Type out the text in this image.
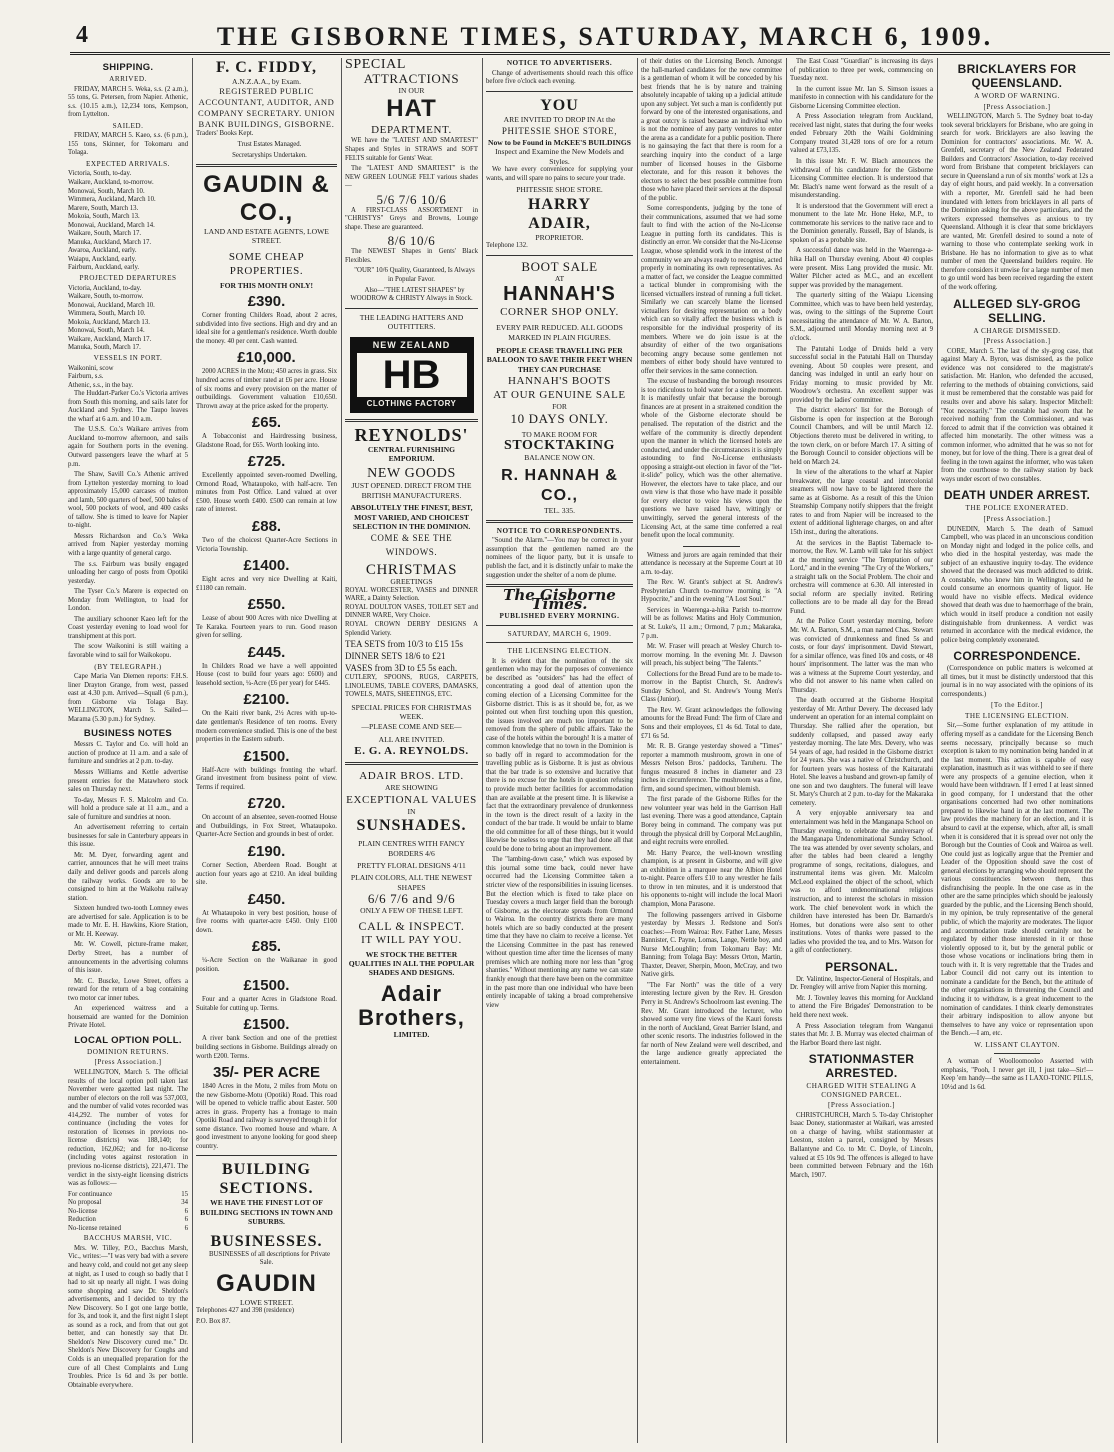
4	THE GISBORNE TIMES, SATURDAY, MARCH 6, 1909.
SHIPPING.
ARRIVED.

FRIDAY, MARCH 5. Weka, s.s. (2 a.m.), 55 tons, G. Petersen, from Napier. Athenic, s.s. (10.15 a.m.), 12,234 tons, Kempson, from Lyttelton.

SAILED.

FRIDAY, MARCH 5. Kaeo, s.s. (6 p.m.), 155 tons, Skinner, for Tokomaru and Tolaga.

EXPECTED ARRIVALS.
Victoria, South, to-day.
Waikare, Auckland, to-morrow.
Monowai, South, March 10.
Wimmera, Auckland, March 10.
Marere, South, March 13.
Mokoia, South, March 13.
Monowai, Auckland, March 14.
Waikare, South, March 17.
Manuka, Auckland, March 17.
Awaroa, Auckland, early.
Waiapu, Auckland, early.
Fairburn, Auckland, early.
PROJECTED DEPARTURES
Victoria, Auckland, to-day.
Waikare, South, to-morrow.
Monowai, Auckland, March 10.
Wimmera, South, March 10.
Mokoia, Auckland, March 13.
Monowai, South, March 14.
Waikare, Auckland, March 17.
Manuka, South, March 17.
VESSELS IN PORT.
Waikonini, scow
Fairburn, s.s.
Athenic, s.s., in the bay.

The Huddart-Parker Co.'s Victoria arrives from South this morning, and sails later for Auckland and Sydney. The Taupo leaves the wharf at 6 a.m. and 10 a.m.

The U.S.S. Co.'s Waikare arrives from Auckland to-morrow afternoon, and sails again for Southern ports in the evening. Outward passengers leave the wharf at 5 p.m.

The Shaw, Savill Co.'s Athenic arrived from Lyttelton yesterday morning to load approximately 15,000 carcases of mutton and lamb, 500 quarters of beef, 500 bales of wool, 500 pockets of wool, and 400 casks of tallow. She is timed to leave for Napier to-night.

Messrs Richardson and Co.'s Weka arrived from Napier yesterday morning with a large quantity of general cargo.

The s.s. Fairburn was busily engaged unloading her cargo of posts from Opotiki yesterday.

The Tyser Co.'s Marere is expected on Monday from Wellington, to load for London.

The auxiliary schooner Kaeo left for the Coast yesterday evening to load wool for transhipment at this port.

The scow Waikonini is still waiting a favorable wind to sail for Waikokopu.

(BY TELEGRAPH.)

Cape Maria Van Diemen reports: F.H.S. liner Drayton Grange, from west, passed east at 4.30 p.m. Arrived—Squall (6 p.m.), from Gisborne via Tolaga Bay. WELLINGTON, March 5. Sailed—Marama (5.30 p.m.) for Sydney.

BUSINESS NOTES

Messrs C. Taylor and Co. will hold an auction of produce at 11 a.m. and a sale of furniture and sundries at 2 p.m. to-day.

Messrs Williams and Kettle advertise present entries for the Matawhero stock sales on Thursday next.

To-day, Messrs F. S. Malcolm and Co. will hold a produce sale at 11 a.m., and a sale of furniture and sundries at noon.

An advertisement referring to certain businesses for sale in Canterbury appears in this issue.

Mr. M. Dyer, forwarding agent and carrier, announces that he will meet trains daily and deliver goods and parcels along the railway works. Goods are to be consigned to him at the Waikohu railway station.

Sixteen hundred two-tooth Lomney ewes are advertised for sale. Application is to be made to Mr. E. H. Hawkins, Kiore Station, or Mr. H. Keeway.

Mr. W. Cowell, picture-frame maker, Derby Street, has a number of announcements in the advertising columns of this issue.

Mr. C. Buscke, Lowe Street, offers a reward for the return of a bag containing two motor car inner tubes.

An experienced waitress and a housemaid are wanted for the Dominion Private Hotel.

LOCAL OPTION POLL.
DOMINION RETURNS.
[Press Association.]

WELLINGTON, March 5. The official results of the local option poll taken last November were gazetted last night. The number of electors on the roll was 537,003, and the number of valid votes recorded was 414,292. The number of votes for continuance (including the votes for restoration of licenses in previous no-license districts) was 188,140; for reduction, 162,062; and for no-license (including votes against restoration in previous no-license districts), 221,471. The verdict in the sixty-eight licensing districts was as follows:—

For continuance	15
No proposal	34
No-license	6
Reduction	6
No-license retained	6
BACCHUS MARSH, VIC.

Mrs. W. Tilley, P.O., Bacchus Marsh, Vic., writes:—"I was very bad with a severe and heavy cold, and could not get any sleep at night, as I used to cough so badly that I had to sit up nearly all night. I was doing some shopping and saw Dr. Sheldon's advertisements, and I decided to try the New Discovery. So I got one large bottle, for 3s, and took it, and the first night I slept as sound as a rock, and from that out got better, and can honestly say that Dr. Sheldon's New Discovery cured me." Dr. Sheldon's New Discovery for Coughs and Colds is an unequalled preparation for the cure of all Chest Complaints and Lung Troubles. Price 1s 6d and 3s per bottle. Obtainable everywhere.

F. C. FIDDY,
A.N.Z.A.A., by Exam.
REGISTERED PUBLIC ACCOUNTANT, AUDITOR, AND COMPANY SECRETARY. UNION BANK BUILDINGS, GISBORNE.

Traders' Books Kept.

Trust Estates Managed.

Secretaryships Undertaken.

GAUDIN & CO.,
LAND AND ESTATE AGENTS, LOWE STREET.
SOME CHEAP PROPERTIES.
FOR THIS MONTH ONLY!
£390.

Corner fronting Childers Road, about 2 acres, subdivided into five sections. High and dry and an ideal site for a gentleman's residence. Worth double the money. 40 per cent. Cash wanted.

£10,000.

2000 ACRES in the Motu; 450 acres in grass. Six hundred acres of timber rated at £6 per acre. House of six rooms and every provision on the matter of outbuildings. Government valuation £10,650. Thrown away at the price asked for the property.

£65.

A Tobacconist and Hairdressing business, Gladstone Road, for £65. Worth looking into.

£725.

Excellently appointed seven-roomed Dwelling, Ormond Road, Whataupoko, with half-acre. Ten minutes from Post Office. Land valued at over £500. House worth £400. £500 can remain at low rate of interest.

£88.

Two of the choicest Quarter-Acre Sections in Victoria Township.

£1400.

Eight acres and very nice Dwelling at Kaiti, £1180 can remain.

£550.

Lease of about 900 Acres with nice Dwelling at Te Karaka. Fourteen years to run. Good reason given for selling.

£445.

In Childers Road we have a well appointed House (cost to build four years ago: £600) and leasehold section, ¼-Acre (£6 per year) for £445.

£2100.

On the Kaiti river bank, 2½ Acres with up-to-date gentleman's Residence of ten rooms. Every modern convenience studied. This is one of the best properties in the Eastern suburb.

£1500.

Half-Acre with buildings fronting the wharf. Grand investment from business point of view. Terms if required.

£720.

On account of an absentee, seven-roomed House and Outbuildings, in Fox Street, Whataupoko. Quarter-Acre Section and grounds in best of order.

£190.

Corner Section, Aberdeen Road. Bought at auction four years ago at £210. An ideal building site.

£450.

At Whataupoko in very best position, house of five rooms with quarter-acre £450. Only £100 down.

£85.

¼-Acre Section on the Waikanae in good position.

£1500.

Four and a quarter Acres in Gladstone Road. Suitable for cutting up. Terms.

£1500.

A river bank Section and one of the prettiest building sections in Gisborne. Buildings already on worth £200. Terms.

35/- PER ACRE

1840 Acres in the Motu, 2 miles from Motu on the new Gisborne-Motu (Opotiki) Road. This road will be opened to vehicle traffic about Easter. 500 acres in grass. Property has a frontage to main Opotiki Road and railway is surveyed through it for some distance. Two roomed house and whare. A good investment to anyone looking for good sheep country.

BUILDING SECTIONS.
WE HAVE THE FINEST LOT OF BUILDING SECTIONS IN TOWN AND SUBURBS.
BUSINESSES.

BUSINESSES of all descriptions for Private Sale.

GAUDIN
LOWE STREET.

Telephones 427 and 398 (residence)

P.O. Box 87.

SPECIAL
ATTRACTIONS
IN OUR
HAT
DEPARTMENT.

WE have the "LATEST AND SMARTEST" Shapes and Styles in STRAWS and SOFT FELTS suitable for Gents' Wear.

The "LATEST AND SMARTEST" is the NEW GREEN LOUNGE FELT various shades—

5/6 7/6 10/6

A FIRST-CLASS ASSORTMENT in "CHRISTYS" Greys and Browns, Lounge shape. These are guaranteed.

8/6 10/6

The NEWEST Shapes in Gents' Black Flexibles.

"OUR" 10/6 Quality, Guaranteed, Is Always in Popular Favor.

Also—"THE LATEST SHAPES" by WOODROW & CHRISTY Always in Stock.

THE LEADING HATTERS AND OUTFITTERS.
NEW ZEALAND
HB
CLOTHING FACTORY
REYNOLDS'
CENTRAL FURNISHING EMPORIUM.
NEW GOODS
JUST OPENED. DIRECT FROM THE BRITISH MANUFACTURERS.
ABSOLUTELY THE FINEST, BEST, MOST VARIED, AND CHOICEST SELECTION IN THE DOMINION.
COME & SEE THE WINDOWS.
CHRISTMAS
GREETINGS
ROYAL WORCESTER, VASES and DINNER WARE, a Dainty Selection.
ROYAL DOULTON VASES, TOILET SET and DINNER WARE, Very Choice.
ROYAL CROWN DERBY DESIGNS A Splendid Variety.
TEA SETS from 10/3 to £15 15s
DINNER SETS 18/6 to £21
VASES from 3D to £5 5s each.
CUTLERY, SPOONS, RUGS, CARPETS, LINOLEUMS, TABLE COVERS, DAMASKS, TOWELS, MATS, SHEETINGS, ETC.
SPECIAL PRICES FOR CHRISTMAS WEEK.
—PLEASE COME AND SEE—
ALL ARE INVITED.
E. G. A. REYNOLDS.
ADAIR BROS. LTD.
ARE SHOWING
EXCEPTIONAL VALUES
IN
SUNSHADES.
PLAIN CENTRES WITH FANCY BORDERS 4/6
PRETTY FLORAL DESIGNS 4/11
PLAIN COLORS, ALL THE NEWEST SHAPES
6/6 7/6 and 9/6
ONLY A FEW OF THESE LEFT.
CALL & INSPECT.
IT WILL PAY YOU.
WE STOCK THE BETTER QUALITIES IN ALL THE POPULAR SHADES AND DESIGNS.
Adair
Brothers,
LIMITED.
NOTICE TO ADVERTISERS.

Change of advertisements should reach this office before five o'clock each evening.

YOU
ARE INVITED TO DROP IN At the
PHITESSIE SHOE STORE,
Now to be Found in McKEE'S BUILDINGS
Inspect and Examine the New Models and Styles.

We have every convenience for supplying your wants, and will spare no pains to secure your trade.

PHITESSIE SHOE STORE.
HARRY
ADAIR,
PROPRIETOR.

Telephone 132.

BOOT SALE
AT
HANNAH'S
CORNER SHOP ONLY.
EVERY PAIR REDUCED. ALL GOODS MARKED IN PLAIN FIGURES.
PEOPLE CEASE TRAVELLING PER BALLOON TO SAVE THEIR FEET WHEN THEY CAN PURCHASE
HANNAH'S BOOTS
AT OUR GENUINE SALE
FOR
10 DAYS ONLY.
TO MAKE ROOM FOR
STOCKTAKING
BALANCE NOW ON.
R. HANNAH & CO.,
TEL. 335.
NOTICE TO CORRESPONDENTS.

"Sound the Alarm."—You may be correct in your assumption that the gentlemen named are the nominees of the liquor party, but it is unsafe to publish the fact, and it is distinctly unfair to make the suggestion under the shelter of a nom de plume.

The Gisborne Times.
PUBLISHED EVERY MORNING.
SATURDAY, MARCH 6, 1909.
THE LICENSING ELECTION.

It is evident that the nomination of the six gentlemen who may for the purposes of convenience be described as "outsiders" has had the effect of concentrating a good deal of attention upon the coming election of a Licensing Committee for the Gisborne district. This is as it should be, for, as we pointed out when first touching upon this question, the issues involved are much too important to be removed from the sphere of public affairs. Take the case of the hotels within the borough! It is a matter of common knowledge that no town in the Dominion is so badly off in regard to accommodation for the travelling public as is Gisborne. It is just as obvious that the bar trade is so extensive and lucrative that there is no excuse for the hotels in question refusing to provide much better facilities for accommodation than are available at the present time. It is likewise a fact that the extraordinary prevalence of drunkenness in the town is the direct result of a laxity in the conduct of the bar trade. It would be unfair to blame the old committee for all of these things, but it would likewise be useless to urge that they had done all that could be done to bring about an improvement.

The "lambing-down case," which was exposed by this journal some time back, could never have occurred had the Licensing Committee taken a stricter view of the responsibilities in issuing licenses. But the election which is fixed to take place on Tuesday covers a much larger field than the borough of Gisborne, as the electorate spreads from Ormond to Wairoa. In the country districts there are many hotels which are so badly conducted at the present time that they have no claim to receive a license. Yet the Licensing Committee in the past has renewed without question time after time the licenses of many premises which are nothing more nor less than "grog shanties." Without mentioning any name we can state frankly enough that there have been on the committee in the past more than one individual who have been entirely incapable of taking a broad comprehensive view

of their duties on the Licensing Bench. Amongst the hall-marked candidates for the new committee is a gentleman of whom it will be conceded by his best friends that he is by nature and training absolutely incapable of taking up a judicial attitude upon any subject. Yet such a man is confidently put forward by one of the interested organisations, and a great outcry is raised because an individual who is not the nominee of any party ventures to enter the arena as a candidate for a public position. There is no gainsaying the fact that there is room for a searching inquiry into the conduct of a large number of licensed houses in the Gisborne electorate, and for this reason it behoves the electors to select the best possible committee from those who have placed their services at the disposal of the public.

Some correspondents, judging by the tone of their communications, assumed that we had some fault to find with the action of the No-License League in putting forth its candidates. This is distinctly an error. We consider that the No-License League, whose splendid work in the interest of the community we are always ready to recognise, acted properly in nominating its own representatives. As a matter of fact, we consider the League committed a tactical blunder in compromising with the licensed victuallers instead of running a full ticket. Similarly we can scarcely blame the licensed victuallers for desiring representation on a body which can so vitally affect the business which is responsible for the individual prosperity of its members. Where we do join issue is at the absurdity of either of the two organisations becoming angry because some gentlemen not members of either body should have ventured to offer their services in the same connection.

The excuse of husbanding the borough resources is too ridiculous to hold water for a single moment. It is manifestly unfair that because the borough finances are at present in a straitened condition the whole of the Gisborne electorate should be penalised. The reputation of the district and the welfare of the community is directly dependent upon the manner in which the licensed hotels are conducted, and under the circumstances it is simply astounding to find No-License enthusiasts opposing a straight-out election in favor of the "let-it-slide" policy, which was the other alternative. However, the electors have to take place, and our own view is that those who have made it possible for every elector to voice his views upon the questions we have raised have, wittingly or unwittingly, served the general interests of the Licensing Act, at the same time conferred a real benefit upon the local community.

Witness and jurors are again reminded that their attendance is necessary at the Supreme Court at 10 a.m. to-day.

The Rev. W. Grant's subject at St. Andrew's Presbyterian Church to-morrow morning is "A Hypocrite," and in the evening "A Lost Soul."

Services in Waerenga-a-hika Parish to-morrow will be as follows: Matins and Holy Communion, at St. Luke's, 11 a.m.; Ormond, 7 p.m.; Makaraka, 7 p.m.

Mr. W. Fraser will preach at Wesley Church to-morrow morning. In the evening Mr. J. Dawson will preach, his subject being "The Talents."

Collections for the Bread Fund are to be made to-morrow in the Baptist Church, St. Andrew's Sunday School, and St. Andrew's Young Men's Class (Junior).

The Rev. W. Grant acknowledges the following amounts for the Bread Fund: The firm of Clare and Sons and their employees, £1 4s 6d. Total to date, £71 6s 5d.

Mr. R. B. Grange yesterday showed a "Times" reporter a mammoth mushroom, grown in one of Messrs Nelson Bros.' paddocks, Taruheru. The fungus measured 8 inches in diameter and 23 inches in circumference. The mushroom was a fine, firm, and sound specimen, without blemish.

The first parade of the Gisborne Rifles for the new volunteer year was held in the Garrison Hall last evening. There was a good attendance, Captain Borey being in command. The company was put through the physical drill by Corporal McLaughlin, and eight recruits were enrolled.

Mr. Harry Pearce, the well-known wrestling champion, is at present in Gisborne, and will give an exhibition in a marquee near the Albion Hotel to-night. Pearce offers £10 to any wrestler he fails to throw in ten minutes, and it is understood that his opponents to-night will include the local Maori champion, Mona Parasone.

The following passengers arrived in Gisborne yesterday by Messrs J. Redstone and Son's coaches:—From Wairoa: Rev. Father Lane, Messrs Bannister, C. Payne, Lomas, Lange, Nettle boy, and Nurse McLoughlin; from Tokomaru Bay: Mr. Banning; from Tolaga Bay: Messrs Orton, Martin, Thaxter, Deaver, Sherpin, Moon, McCray, and two Native girls.

"The Far North" was the title of a very interesting lecture given by the Rev. H. Gresdon Perry in St. Andrew's Schoolroom last evening. The Rev. Mr. Grant introduced the lecturer, who showed some very fine views of the Kauri forests in the north of Auckland, Great Barrier Island, and other scenic resorts. The industries followed in the far north of New Zealand were well described, and the large audience greatly appreciated the entertainment.

The East Coast "Guardian" is increasing its days of publication to three per week, commencing on Tuesday next.

In the current issue Mr. Ian S. Simson issues a manifesto in connection with his candidature for the Gisborne Licensing Committee election.

A Press Association telegram from Auckland, received last night, states that during the four weeks ended February 20th the Waihi Goldmining Company treated 31,428 tons of ore for a return valued at £73,135.

In this issue Mr. F. W. Blach announces the withdrawal of his candidature for the Gisborne Licensing Committee election. It is understood that Mr. Blach's name went forward as the result of a misunderstanding.

It is understood that the Government will erect a monument to the late Mr. Hone Heke, M.P., to commemorate his services to the native race and to the Dominion generally. Russell, Bay of Islands, is spoken of as a probable site.

A successful dance was held in the Waerenga-a-hika Hall on Thursday evening. About 40 couples were present. Miss Lang provided the music. Mr. Walter Pilcher acted as M.C., and an excellent supper was provided by the management.

The quarterly sitting of the Waiapu Licensing Committee, which was to have been held yesterday, was, owing to the sittings of the Supreme Court necessitating the attendance of Mr. W. A. Barton, S.M., adjourned until Monday morning next at 9 o'clock.

The Patutahi Lodge of Druids held a very successful social in the Patutahi Hall on Thursday evening. About 50 couples were present, and dancing was indulged in until an early hour on Friday morning to music provided by Mr. Woodrow's orchestra. An excellent supper was provided by the ladies' committee.

The district electors' list for the Borough of Gisborne is open for inspection at the Borough Council Chambers, and will be until March 12. Objections thereto must be delivered in writing, to the town clerk, on or before March 17. A sitting of the Borough Council to consider objections will be held on March 24.

In view of the alterations to the wharf at Napier breakwater, the large coastal and intercolonial steamers will now have to be lightered there the same as at Gisborne. As a result of this the Union Steamship Company notify shippers that the freight rates to and from Napier will be increased to the extent of additional lighterage charges, on and after 15th inst., during the alterations.

At the services in the Baptist Tabernacle to-morrow, the Rev. W. Lamb will take for his subject at the morning service "The Temptation of our Lord," and in the evening "The Cry of the Workers," a straight talk on the Social Problem. The choir and orchestra will commence at 6.30. All interested in social reform are specially invited. Retiring collections are to be made all day for the Bread Fund.

At the Police Court yesterday morning, before Mr. W. A. Barton, S.M., a man named Chas. Stewart was convicted of drunkenness and fined 5s and costs, or four days' imprisonment. David Stewart, for a similar offence, was fined 10s and costs, or 48 hours' imprisonment. The latter was the man who was a witness at the Supreme Court yesterday, and who did not answer to his name when called on Thursday.

The death occurred at the Gisborne Hospital yesterday of Mr. Arthur Devery. The deceased lady underwent an operation for an internal complaint on Thursday. She rallied after the operation, but suddenly collapsed, and passed away early yesterday morning. The late Mrs. Devery, who was 54 years of age, had resided in the Gisborne district for 24 years. She was a native of Christchurch, and for fourteen years was hostess of the Kaitaratahi Hotel. She leaves a husband and grown-up family of one son and two daughters. The funeral will leave St. Mary's Church at 2 p.m. to-day for the Makaraka cemetery.

A very enjoyable anniversary tea and entertainment was held in the Manganapa School on Thursday evening, to celebrate the anniversary of the Manganapa Undenominational Sunday School. The tea was attended by over seventy scholars, and after the tables had been cleared a lengthy programme of songs, recitations, dialogues, and instrumental items was given. Mr. Malcolm McLeod explained the object of the school, which was to afford undenominational religious instruction, and to interest the scholars in mission work. The chief benevolent work in which the children have interested has been Dr. Barnardo's Homes, but donations were also sent to other institutions. Votes of thanks were passed to the ladies who provided the tea, and to Mrs. Watson for a gift of confectionery.

PERSONAL.

Dr. Valintine, Inspector-General of Hospitals, and Dr. Frengley will arrive from Napier this morning.

Mr. J. Townley leaves this morning for Auckland to attend the Fire Brigades' Demonstration to be held there next week.

A Press Association telegram from Wanganui states that Mr. J. B. Murray was elected chairman of the Harbor Board there last night.

STATIONMASTER ARRESTED.
CHARGED WITH STEALING A CONSIGNED PARCEL.
[Press Association.]

CHRISTCHURCH, March 5. To-day Christopher Isaac Doney, stationmaster at Waikari, was arrested on a charge of having, whilst stationmaster at Leeston, stolen a parcel, consigned by Messrs Ballantyne and Co. to Mr. C. Doyle, of Lincoln, valued at £5 10s 9d. The offences is alleged to have been committed between February and the 16th March, 1907.

BRICKLAYERS FOR QUEENSLAND.
A WORD OF WARNING.
[Press Association.]

WELLINGTON, March 5. The Sydney boat to-day took several bricklayers for Brisbane, who are going in search for work. Bricklayers are also leaving the Dominion for contractors' associations. Mr. W. A. Grenfell, secretary of the New Zealand Federated Builders and Contractors' Association, to-day received word from Brisbane that competent bricklayers can secure in Queensland a run of six months' work at 12s a day of eight hours, and paid weekly. In a conversation with a reporter, Mr. Grenfell said he had been inundated with letters from bricklayers in all parts of the Dominion asking for the above particulars, and the writers expressed themselves as anxious to try Queensland. Although it is clear that some bricklayers are wanted, Mr. Grenfell desired to sound a note of warning to those who contemplate seeking work in Brisbane. He has no information to give as to what number of men the Queensland builders require. He therefore considers it unwise for a large number of men to go until word has been received regarding the extent of the work offering.

ALLEGED SLY-GROG SELLING.
A CHARGE DISMISSED.
[Press Association.]

CORE, March 5. The last of the sly-grog case, that against Mary A. Byron, was dismissed, as the police evidence was not considered to the magistrate's satisfaction. Mr. Hanlon, who defended the accused, referring to the methods of obtaining convictions, said it must be remembered that the constable was paid for results over and above his salary. Inspector Mitchell: "Not necessarily." The constable had sworn that he received nothing from the Commissioner, and was forced to admit that if the conviction was obtained it affected him monetarily. The other witness was a common informer, who admitted that he was so not for money, but for love of the thing. There is a great deal of feeling in the town against the informer, who was taken from the courthouse to the railway station by back ways under escort of two constables.

DEATH UNDER ARREST.
THE POLICE EXONERATED.
[Press Association.]

DUNEDIN, March 5. The death of Samuel Campbell, who was placed in an unconscious condition on Monday night and lodged in the police cells, and who died in the hospital yesterday, was made the subject of an exhaustive inquiry to-day. The evidence showed that the deceased was much addicted to drink. A constable, who knew him in Wellington, said he could consume an enormous quantity of liquor. He would have no visible effects. Medical evidence showed that death was due to haemorrhage of the brain, which would in itself produce a condition not easily distinguishable from drunkenness. A verdict was returned in accordance with the medical evidence, the police being completely exonerated.

CORRESPONDENCE.

(Correspondence on public matters is welcomed at all times, but it must be distinctly understood that this journal is in no way associated with the opinions of its correspondents.)

[To the Editor.]
THE LICENSING ELECTION.

Sir,—Some further explanation of my attitude in offering myself as a candidate for the Licensing Bench seems necessary, principally because so much exception is taken to my nomination being handed in at the last moment. This action is capable of easy explanation, inasmuch as it was withheld to see if there were any prospects of a genuine election, when it would have been withdrawn. If I erred I at least sinned in good company, for I understand that the other organisations concerned had two other nominations prepared to likewise hand in at the last moment. The law provides the machinery for an election, and it is absurd to cavil at the expense, which, after all, is small when it is considered that it is spread over not only the Borough but the Counties of Cook and Wairoa as well. One could just as logically argue that the Premier and Leader of the Opposition should save the cost of general elections by arranging who should represent the various constituencies between them, thus disfranchising the people. In the one case as in the other are the same principles which should be jealously guarded by the public, and the Licensing Bench should, in my opinion, be truly representative of the general public, of which the majority are moderates. The liquor and accommodation trade should certainly not be regulated by either those interested in it or those violently opposed to it, but by the general public or those whose vocations or inclinations bring them in touch with it. It is very regrettable that the Trades and Labor Council did not carry out its intention to nominate a candidate for the Bench, but the attitude of the other organisations in threatening the Council and inducing it to withdraw, is a great inducement to the nomination of candidates. I think clearly demonstrates their arbitrary indisposition to allow anyone but themselves to have any voice or representation upon the Bench.—I am, etc.

W. LISSANT CLAYTON.

A woman of Woolloomooloo Asserted with emphasis, "Pooh, I never get ill, I just take—Sir!— Keep 'em handy—the same as I LAXO-TONIC PILLS, 10½d and 1s 6d.
